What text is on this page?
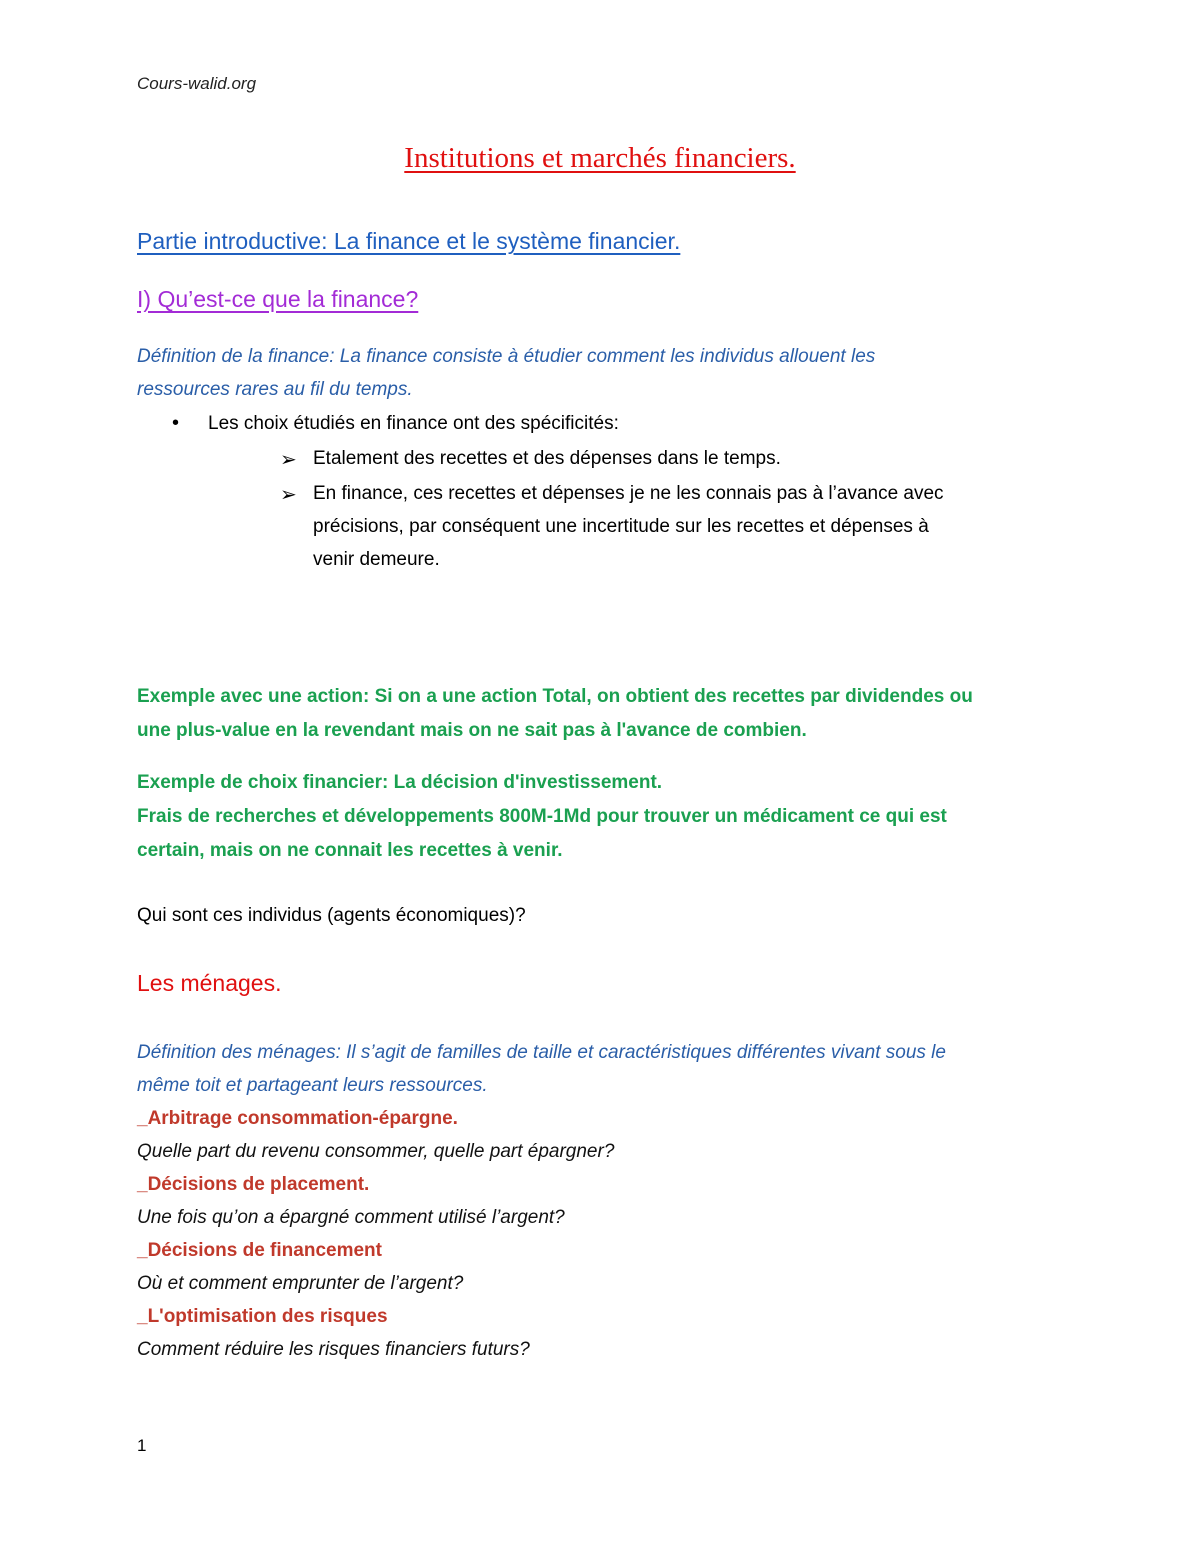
Cours-walid.org
Institutions et marchés financiers.
Partie introductive: La finance et le système financier.
I) Qu’est-ce que la finance?
Définition de la finance: La finance consiste à étudier comment les individus allouent les
ressources rares au fil du temps.
• Les choix étudiés en finance ont des spécificités:
➢ Etalement des recettes et des dépenses dans le temps.
➢ En finance, ces recettes et dépenses je ne les connais pas à l’avance avec
précisions, par conséquent une incertitude sur les recettes et dépenses à
venir demeure.
Exemple avec une action: Si on a une action Total, on obtient des recettes par dividendes ou
une plus-value en la revendant mais on ne sait pas à l'avance de combien.
Exemple de choix financier: La décision d'investissement.
Frais de recherches et développements 800M-1Md pour trouver un médicament ce qui est
certain, mais on ne connait les recettes à venir.
Qui sont ces individus (agents économiques)?
Les ménages.
Définition des ménages: Il s’agit de familles de taille et caractéristiques différentes vivant sous le
même toit et partageant leurs ressources.
_Arbitrage consommation-épargne.
Quelle part du revenu consommer, quelle part épargner?
_Décisions de placement.
Une fois qu’on a épargné comment utilisé l’argent?
_Décisions de financement
Où et comment emprunter de l’argent?
_L'optimisation des risques
Comment réduire les risques financiers futurs?
1
